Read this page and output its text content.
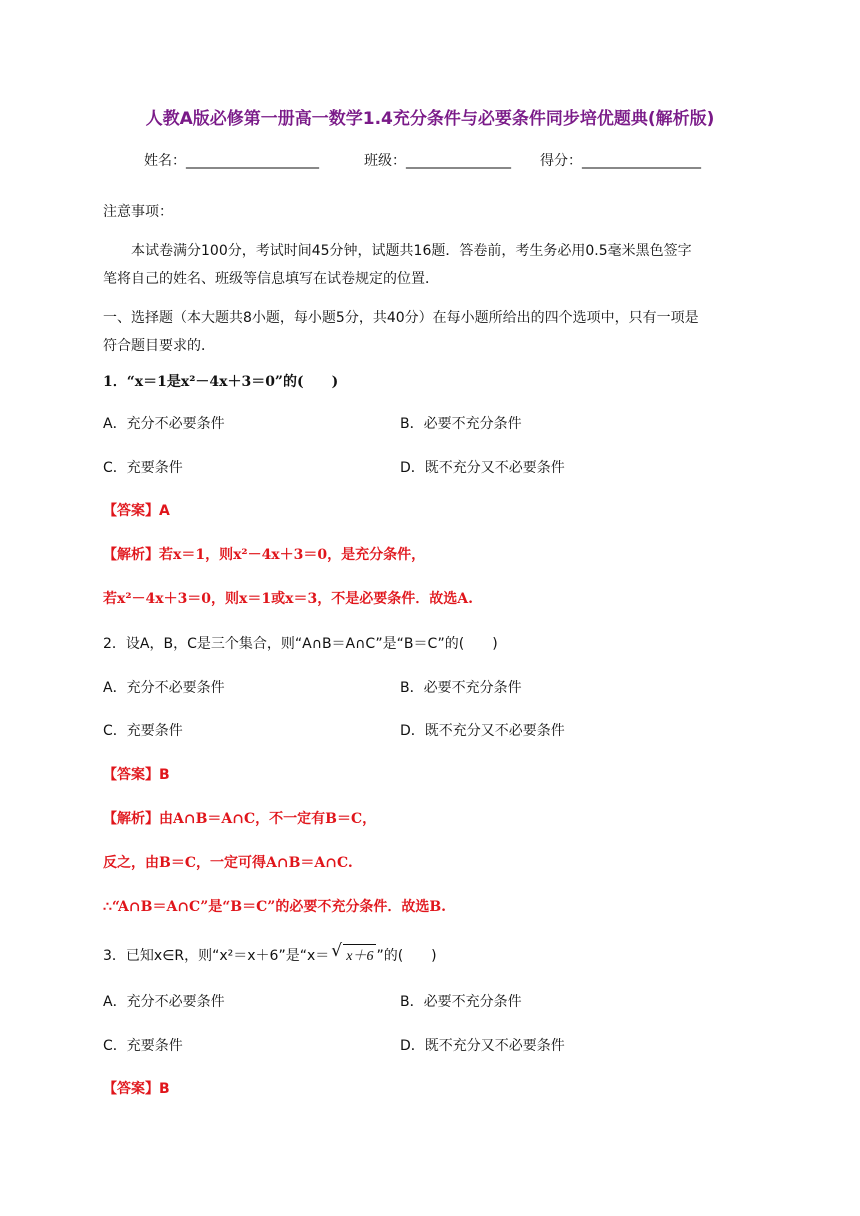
人教A版必修第一册高一数学1.4充分条件与必要条件同步培优题典(解析版)
姓名：___________________	班级：_______________ 得分：_________________
注意事项：
本试卷满分100分，考试时间45分钟，试题共16题．答卷前，考生务必用0.5毫米黑色签字
笔将自己的姓名、班级等信息填写在试卷规定的位置．
一、选择题（本大题共8小题，每小题5分，共40分）在每小题所给出的四个选项中，只有一项是
符合题目要求的．
1．“x＝1是x²－4x＋3＝0”的(　　)
A．充分不必要条件	B．必要不充分条件
C．充要条件	D．既不充分又不必要条件
【答案】A
【解析】若x＝1，则x²－4x＋3＝0，是充分条件，
若x²－4x＋3＝0，则x＝1或x＝3，不是必要条件．故选A.
2．设A，B，C是三个集合，则“A∩B＝A∩C”是“B＝C”的(　　)
A．充分不必要条件	B．必要不充分条件
C．充要条件	D．既不充分又不必要条件
【答案】B
【解析】由A∩B＝A∩C，不一定有B＝C，
反之，由B＝C，一定可得A∩B＝A∩C.
∴“A∩B＝A∩C”是“B＝C”的必要不充分条件．故选B.
3．已知x∈R，则“x²＝x＋6”是“x＝ √ x＋6 ”的(　　)
A．充分不必要条件	B．必要不充分条件
C．充要条件	D．既不充分又不必要条件
【答案】B
